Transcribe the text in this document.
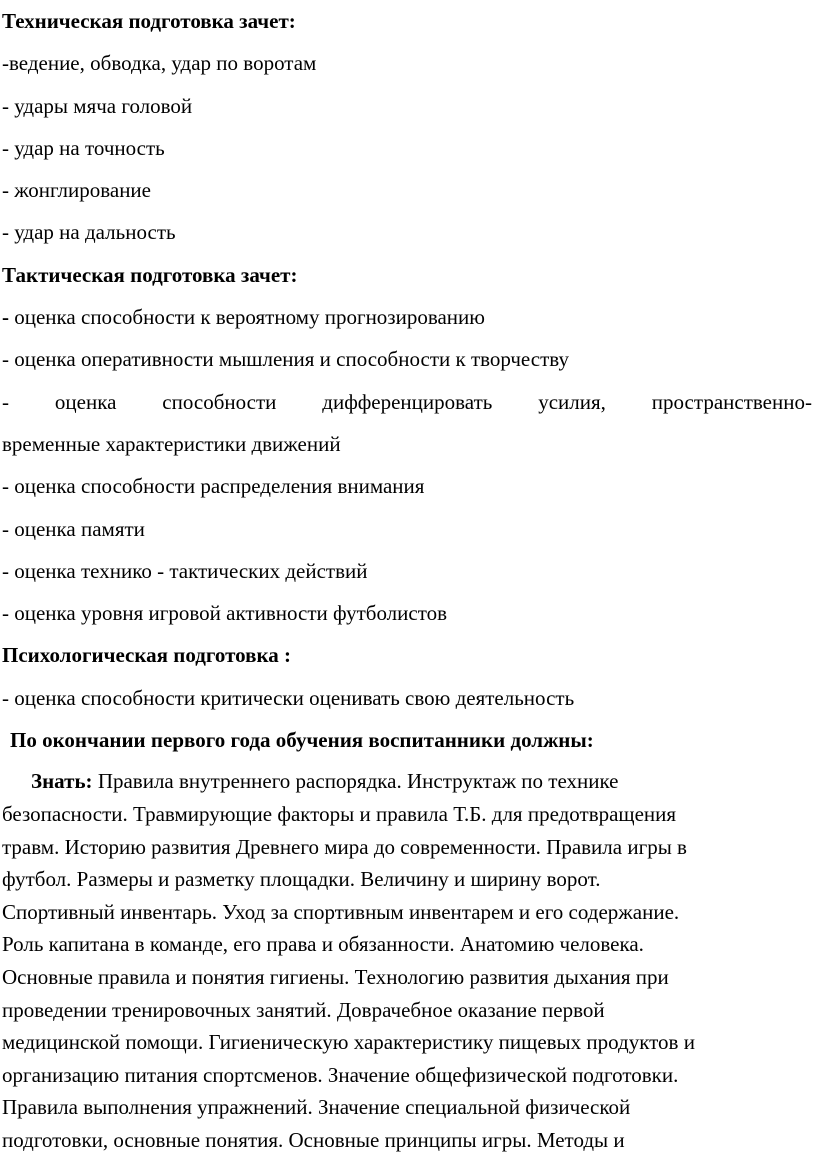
Техническая подготовка зачет:
-ведение, обводка, удар по воротам
- удары мяча головой
- удар на точность
- жонглирование
- удар на дальность
Тактическая подготовка зачет:
- оценка способности к вероятному прогнозированию
- оценка оперативности мышления и способности к творчеству
- оценка способности дифференцировать усилия, пространственно-
временные характеристики движений
- оценка способности распределения внимания
- оценка памяти
- оценка технико - тактических действий
- оценка уровня игровой активности футболистов
Психологическая подготовка :
- оценка способности критически оценивать свою деятельность
По окончании первого года обучения воспитанники должны:
Знать: Правила внутреннего распорядка. Инструктаж по технике
безопасности. Травмирующие факторы и правила Т.Б. для предотвращения
травм. Историю развития Древнего мира до современности. Правила игры в
футбол. Размеры и разметку площадки. Величину и ширину ворот.
Спортивный инвентарь. Уход за спортивным инвентарем и его содержание.
Роль капитана в команде, его права и обязанности. Анатомию человека.
Основные правила и понятия гигиены. Технологию развития дыхания при
проведении тренировочных занятий. Доврачебное оказание первой
медицинской помощи. Гигиеническую характеристику пищевых продуктов и
организацию питания спортсменов. Значение общефизической подготовки.
Правила выполнения упражнений. Значение специальной физической
подготовки, основные понятия. Основные принципы игры. Методы и
